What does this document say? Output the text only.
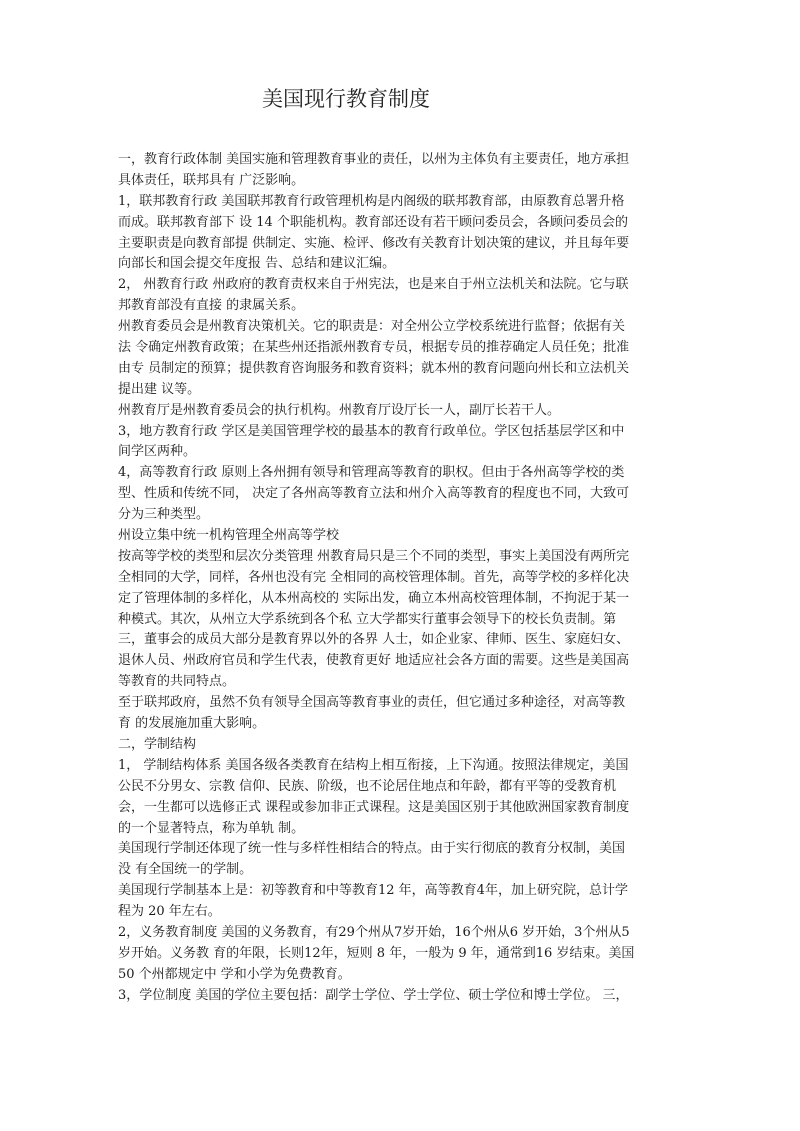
美国现行教育制度
一，教育行政体制 美国实施和管理教育事业的责任，以州为主体负有主要责任，地方承担
具体责任，联邦具有 广泛影响。
1，联邦教育行政 美国联邦教育行政管理机构是内阁级的联邦教育部，由原教育总署升格
而成。联邦教育部下 设 14 个职能机构。教育部还设有若干顾问委员会，各顾问委员会的
主要职责是向教育部提 供制定、实施、检评、修改有关教育计划决策的建议，并且每年要
向部长和国会提交年度报 告、总结和建议汇编。
2， 州教育行政 州政府的教育责权来自于州宪法，也是来自于州立法机关和法院。它与联
邦教育部没有直接 的隶属关系。
州教育委员会是州教育决策机关。它的职责是：对全州公立学校系统进行监督；依据有关
法 令确定州教育政策；在某些州还指派州教育专员，根据专员的推荐确定人员任免；批准
由专 员制定的预算；提供教育咨询服务和教育资料；就本州的教育问题向州长和立法机关
提出建 议等。
州教育厅是州教育委员会的执行机构。州教育厅设厅长一人，副厅长若干人。
3，地方教育行政 学区是美国管理学校的最基本的教育行政单位。学区包括基层学区和中
间学区两种。
4，高等教育行政 原则上各州拥有领导和管理高等教育的职权。但由于各州高等学校的类
型、性质和传统不同， 决定了各州高等教育立法和州介入高等教育的程度也不同，大致可
分为三种类型。
州设立集中统一机构管理全州高等学校
按高等学校的类型和层次分类管理 州教育局只是三个不同的类型，事实上美国没有两所完
全相同的大学，同样，各州也没有完 全相同的高校管理体制。首先，高等学校的多样化决
定了管理体制的多样化，从本州高校的 实际出发，确立本州高校管理体制，不拘泥于某一
种模式。其次，从州立大学系统到各个私 立大学都实行董事会领导下的校长负责制。第
三，董事会的成员大部分是教育界以外的各界 人士，如企业家、律师、医生、家庭妇女、
退休人员、州政府官员和学生代表，使教育更好 地适应社会各方面的需要。这些是美国高
等教育的共同特点。
至于联邦政府，虽然不负有领导全国高等教育事业的责任，但它通过多种途径，对高等教
育 的发展施加重大影响。
二，学制结构
1， 学制结构体系 美国各级各类教育在结构上相互衔接，上下沟通。按照法律规定，美国
公民不分男女、宗教 信仰、民族、阶级，也不论居住地点和年龄，都有平等的受教育机
会，一生都可以选修正式 课程或参加非正式课程。这是美国区别于其他欧洲国家教育制度
的一个显著特点，称为单轨 制。
美国现行学制还体现了统一性与多样性相结合的特点。由于实行彻底的教育分权制，美国
没 有全国统一的学制。
美国现行学制基本上是：初等教育和中等教育12 年，高等教育4年，加上研究院，总计学
程为 20 年左右。
2，义务教育制度 美国的义务教育，有29个州从7岁开始，16个州从6 岁开始，3个州从5
岁开始。义务教 育的年限，长则12年，短则 8 年，一般为 9 年，通常到16 岁结束。美国
50 个州都规定中 学和小学为免费教育。
3，学位制度 美国的学位主要包括：副学士学位、学士学位、硕士学位和博士学位。 三，
